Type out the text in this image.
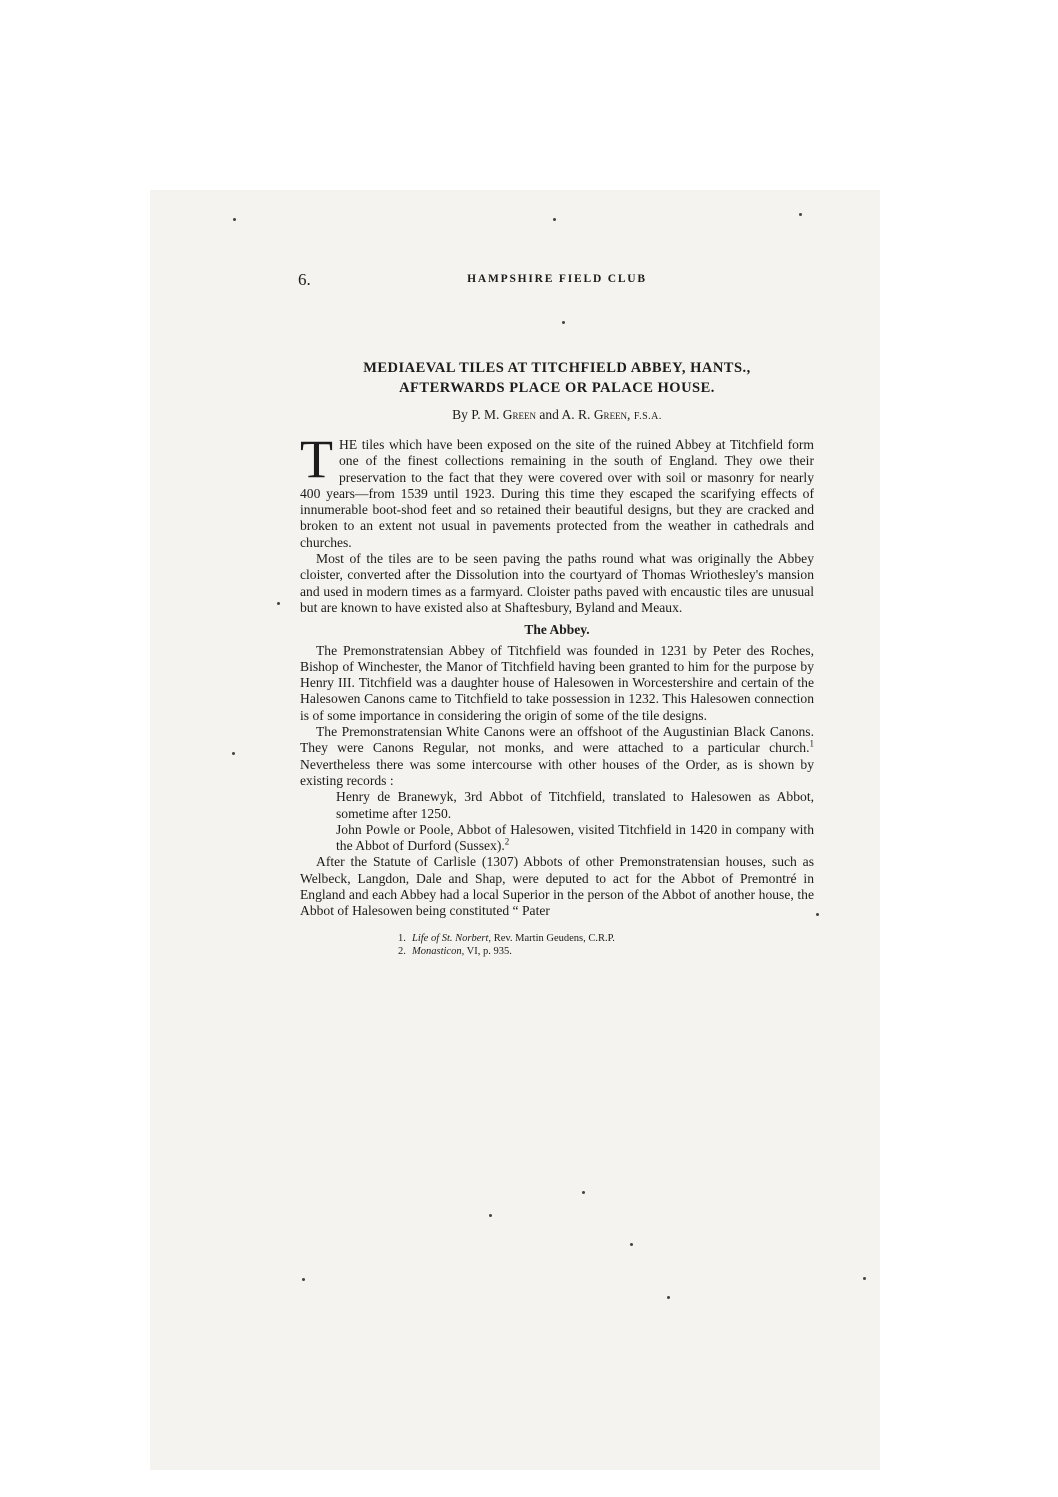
6.	HAMPSHIRE FIELD CLUB
MEDIAEVAL TILES AT TITCHFIELD ABBEY, HANTS.,
AFTERWARDS PLACE OR PALACE HOUSE.
By P. M. Green and A. R. Green, F.S.A.

THE tiles which have been exposed on the site of the ruined Abbey at Titchfield form one of the finest collections remaining in the south of England. They owe their preservation to the fact that they were covered over with soil or masonry for nearly 400 years—from 1539 until 1923. During this time they escaped the scarifying effects of innumerable boot-shod feet and so retained their beautiful designs, but they are cracked and broken to an extent not usual in pavements protected from the weather in cathedrals and churches.

Most of the tiles are to be seen paving the paths round what was originally the Abbey cloister, converted after the Dissolution into the courtyard of Thomas Wriothesley's mansion and used in modern times as a farmyard. Cloister paths paved with encaustic tiles are unusual but are known to have existed also at Shaftesbury, Byland and Meaux.

The Abbey.

The Premonstratensian Abbey of Titchfield was founded in 1231 by Peter des Roches, Bishop of Winchester, the Manor of Titchfield having been granted to him for the purpose by Henry III. Titchfield was a daughter house of Halesowen in Worcestershire and certain of the Halesowen Canons came to Titchfield to take possession in 1232. This Halesowen connection is of some importance in considering the origin of some of the tile designs.

The Premonstratensian White Canons were an offshoot of the Augustinian Black Canons. They were Canons Regular, not monks, and were attached to a particular church.$^1$ Nevertheless there was some intercourse with other houses of the Order, as is shown by existing records :

Henry de Branewyk, 3rd Abbot of Titchfield, translated to Halesowen as Abbot, sometime after 1250.

John Powle or Poole, Abbot of Halesowen, visited Titchfield in 1420 in company with the Abbot of Durford (Sussex).$^2$

After the Statute of Carlisle (1307) Abbots of other Premonstratensian houses, such as Welbeck, Langdon, Dale and Shap, were deputed to act for the Abbot of Premontré in England and each Abbey had a local Superior in the person of the Abbot of another house, the Abbot of Halesowen being constituted “ Pater

1. Life of St. Norbert, Rev. Martin Geudens, C.R.P.

2. Monasticon, VI, p. 935.
